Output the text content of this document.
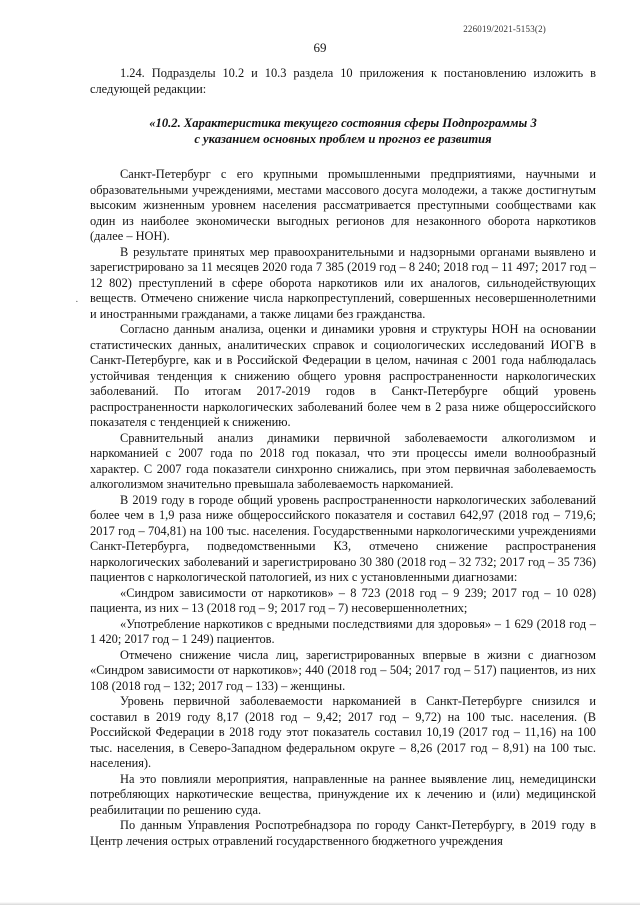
226019/2021-5153(2)
69
·

1.24. Подразделы 10.2 и 10.3 раздела 10 приложения к постановлению изложить в следующей редакции:

«10.2. Характеристика текущего состояния сферы Подпрограммы 3
с указанием основных проблем и прогноз ее развития

Санкт-Петербург с его крупными промышленными предприятиями, научными и образовательными учреждениями, местами массового досуга молодежи, а также достигнутым высоким жизненным уровнем населения рассматривается преступными сообществами как один из наиболее экономически выгодных регионов для незаконного оборота наркотиков (далее – НОН).

В результате принятых мер правоохранительными и надзорными органами выявлено и зарегистрировано за 11 месяцев 2020 года 7 385 (2019 год – 8 240; 2018 год – 11 497; 2017 год – 12 802) преступлений в сфере оборота наркотиков или их аналогов, сильнодействующих веществ. Отмечено снижение числа наркопреступлений, совершенных несовершеннолетними и иностранными гражданами, а также лицами без гражданства.

Согласно данным анализа, оценки и динамики уровня и структуры НОН на основании статистических данных, аналитических справок и социологических исследований ИОГВ в Санкт-Петербурге, как и в Российской Федерации в целом, начиная с 2001 года наблюдалась устойчивая тенденция к снижению общего уровня распространенности наркологических заболеваний. По итогам 2017-2019 годов в Санкт-Петербурге общий уровень распространенности наркологических заболеваний более чем в 2 раза ниже общероссийского показателя с тенденцией к снижению.

Сравнительный анализ динамики первичной заболеваемости алкоголизмом и наркоманией с 2007 года по 2018 год показал, что эти процессы имели волнообразный характер. С 2007 года показатели синхронно снижались, при этом первичная заболеваемость алкоголизмом значительно превышала заболеваемость наркоманией.

В 2019 году в городе общий уровень распространенности наркологических заболеваний более чем в 1,9 раза ниже общероссийского показателя и составил 642,97 (2018 год – 719,6; 2017 год – 704,81) на 100 тыс. населения. Государственными наркологическими учреждениями Санкт-Петербурга, подведомственными КЗ, отмечено снижение распространения наркологических заболеваний и зарегистрировано 30 380 (2018 год – 32 732; 2017 год – 35 736) пациентов с наркологической патологией, из них с установленными диагнозами:

«Синдром зависимости от наркотиков» – 8 723 (2018 год – 9 239; 2017 год – 10 028) пациента, из них – 13 (2018 год – 9; 2017 год – 7) несовершеннолетних;

«Употребление наркотиков с вредными последствиями для здоровья» – 1 629 (2018 год – 1 420; 2017 год – 1 249) пациентов.

Отмечено снижение числа лиц, зарегистрированных впервые в жизни с диагнозом «Синдром зависимости от наркотиков»; 440 (2018 год – 504; 2017 год – 517) пациентов, из них 108 (2018 год – 132; 2017 год – 133) – женщины.

Уровень первичной заболеваемости наркоманией в Санкт-Петербурге снизился и составил в 2019 году 8,17 (2018 год – 9,42; 2017 год – 9,72) на 100 тыс. населения. (В Российской Федерации в 2018 году этот показатель составил 10,19 (2017 год – 11,16) на 100 тыс. населения, в Северо-Западном федеральном округе – 8,26 (2017 год – 8,91) на 100 тыс. населения).

На это повлияли мероприятия, направленные на раннее выявление лиц, немедицински потребляющих наркотические вещества, принуждение их к лечению и (или) медицинской реабилитации по решению суда.

По данным Управления Роспотребнадзора по городу Санкт-Петербургу, в 2019 году в Центр лечения острых отравлений государственного бюджетного учреждения
